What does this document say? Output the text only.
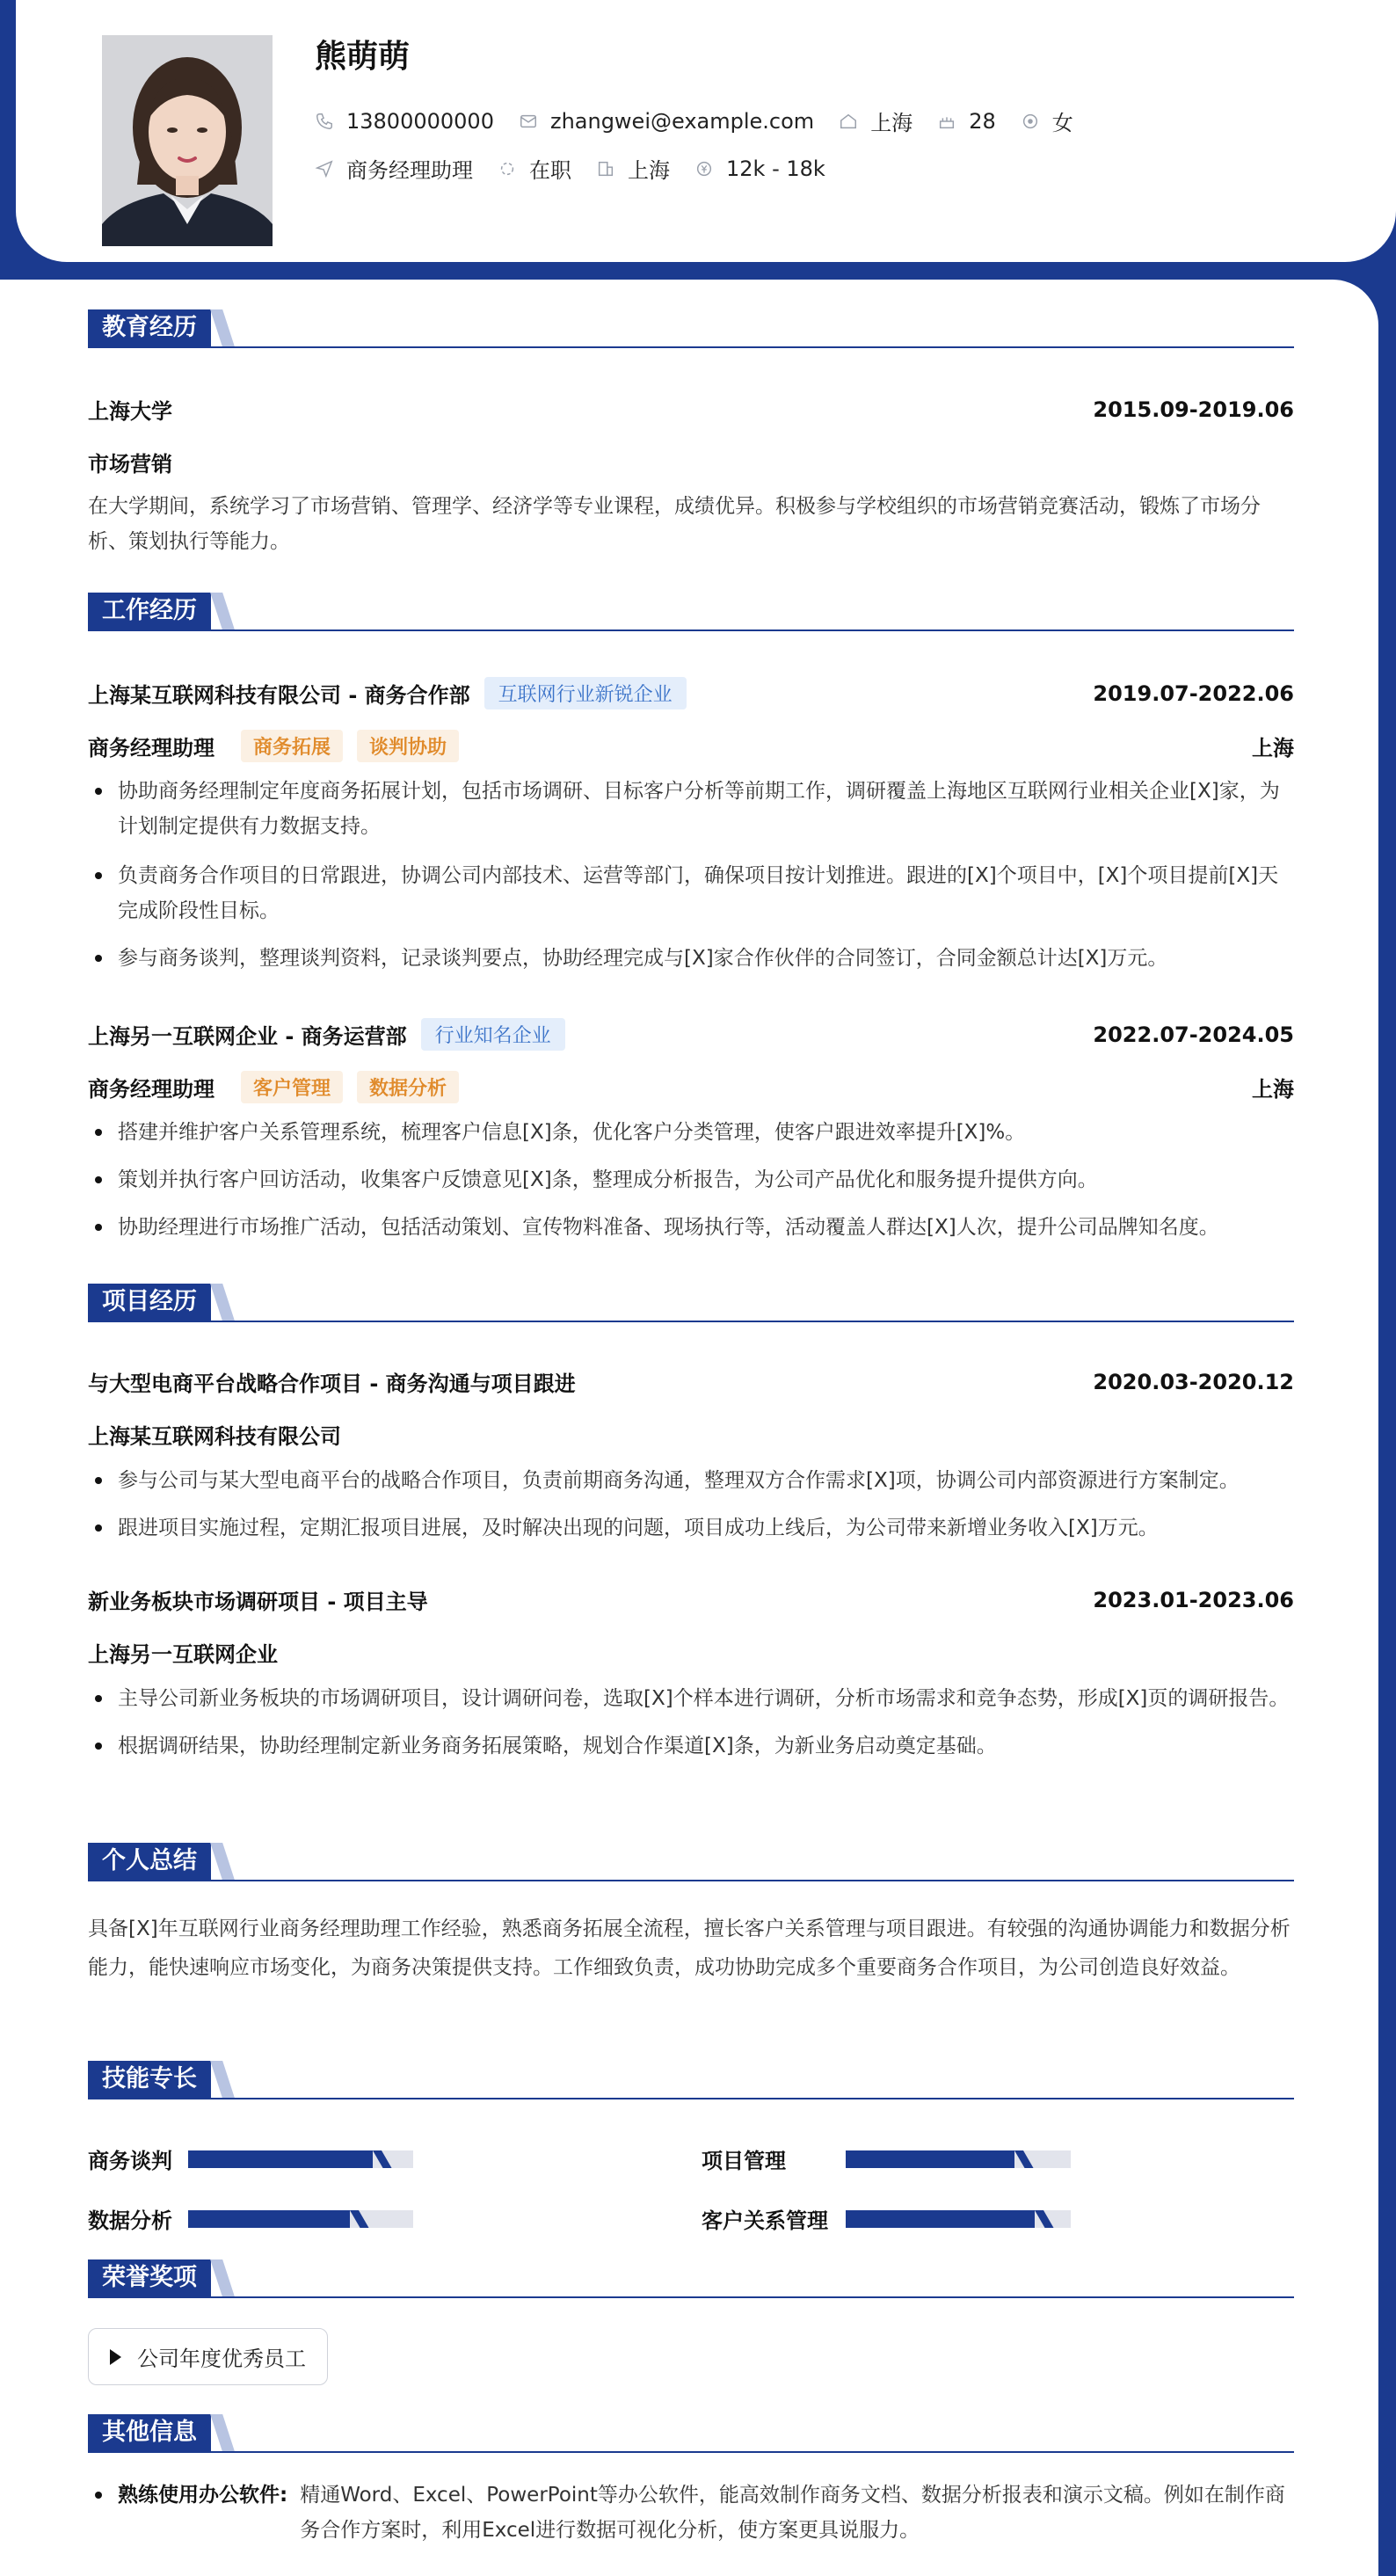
熊萌萌
13800000000	zhangwei@example.com	上海	28	女
商务经理助理	在职	上海	12k - 18k
教育经历
上海大学	2015.09-2019.06
市场营销
在大学期间，系统学习了市场营销、管理学、经济学等专业课程，成绩优异。积极参与学校组织的市场营销竞赛活动，锻炼了市场分析、策划执行等能力。
工作经历
上海某互联网科技有限公司 - 商务合作部	互联网行业新锐企业	2019.07-2022.06
商务经理助理	商务拓展	谈判协助	上海
协助商务经理制定年度商务拓展计划，包括市场调研、目标客户分析等前期工作，调研覆盖上海地区互联网行业相关企业[X]家，为计划制定提供有力数据支持。
负责商务合作项目的日常跟进，协调公司内部技术、运营等部门，确保项目按计划推进。跟进的[X]个项目中，[X]个项目提前[X]天完成阶段性目标。
参与商务谈判，整理谈判资料，记录谈判要点，协助经理完成与[X]家合作伙伴的合同签订，合同金额总计达[X]万元。
上海另一互联网企业 - 商务运营部	行业知名企业	2022.07-2024.05
商务经理助理	客户管理	数据分析	上海
搭建并维护客户关系管理系统，梳理客户信息[X]条，优化客户分类管理，使客户跟进效率提升[X]%。
策划并执行客户回访活动，收集客户反馈意见[X]条，整理成分析报告，为公司产品优化和服务提升提供方向。
协助经理进行市场推广活动，包括活动策划、宣传物料准备、现场执行等，活动覆盖人群达[X]人次，提升公司品牌知名度。
项目经历
与大型电商平台战略合作项目 - 商务沟通与项目跟进	2020.03-2020.12
上海某互联网科技有限公司
参与公司与某大型电商平台的战略合作项目，负责前期商务沟通，整理双方合作需求[X]项，协调公司内部资源进行方案制定。
跟进项目实施过程，定期汇报项目进展，及时解决出现的问题，项目成功上线后，为公司带来新增业务收入[X]万元。
新业务板块市场调研项目 - 项目主导	2023.01-2023.06
上海另一互联网企业
主导公司新业务板块的市场调研项目，设计调研问卷，选取[X]个样本进行调研，分析市场需求和竞争态势，形成[X]页的调研报告。
根据调研结果，协助经理制定新业务商务拓展策略，规划合作渠道[X]条，为新业务启动奠定基础。
个人总结
具备[X]年互联网行业商务经理助理工作经验，熟悉商务拓展全流程，擅长客户关系管理与项目跟进。有较强的沟通协调能力和数据分析能力，能快速响应市场变化，为商务决策提供支持。工作细致负责，成功协助完成多个重要商务合作项目，为公司创造良好效益。
技能专长
商务谈判	项目管理
数据分析	客户关系管理
荣誉奖项
公司年度优秀员工
其他信息
熟练使用办公软件: 精通Word、Excel、PowerPoint等办公软件，能高效制作商务文档、数据分析报表和演示文稿。例如在制作商务合作方案时，利用Excel进行数据可视化分析，使方案更具说服力。
